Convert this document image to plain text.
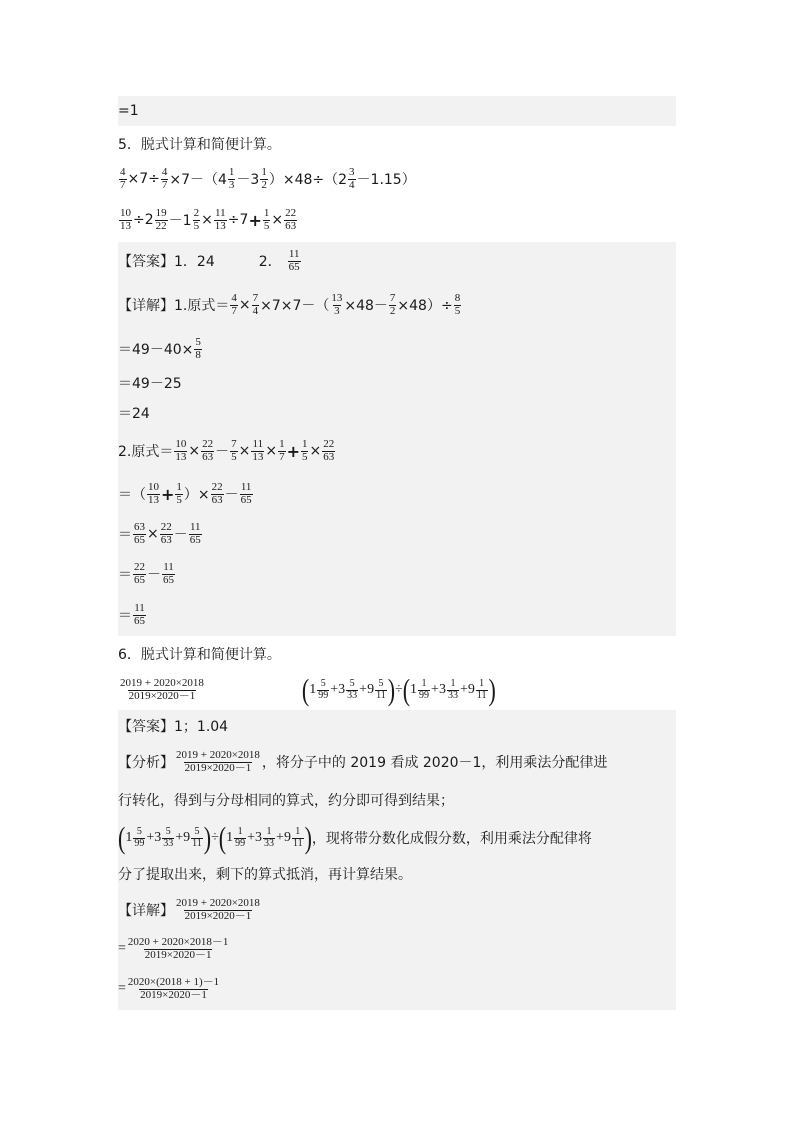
=1
5．脱式计算和简便计算。
$\frac{4}{7} \times 7\div \frac{4}{7} \times 7-(4 \frac{1}{3} -3 \frac{1}{2} )\times 48\div(2 \frac{3}{4} -1.15)$
$\frac{10}{13} \div 2 \frac{19}{22} -1 \frac{2}{5} \times \frac{11}{13} \div 7 + \frac{1}{5} \times \frac{22}{63}$
【答案】1．24	2． $\frac{11}{65}$
【详解】1.原式＝ $\frac{4}{7} \times \frac{7}{4} \times 7\times 7-( \frac{13}{3} \times 48- \frac{7}{2} \times 48)\div \frac{8}{5}$
$=49-40\times \frac{5}{8}$
＝49－25
＝24
2.原式＝ $\frac{10}{13} \times \frac{22}{63} - \frac{7}{5} \times \frac{11}{13} \times \frac{1}{7} + \frac{1}{5} \times \frac{22}{63}$
＝（ $\frac{10}{13} + \frac{1}{5}$ ）× $\frac{22}{63} - \frac{11}{65}$
＝ $\frac{63}{65} \times \frac{22}{63} - \frac{11}{65}$
＝ $\frac{22}{65} - \frac{11}{65}$
＝ $\frac{11}{65}$
6．脱式计算和简便计算。
$\frac{2019 + 2020\times 2018}{2019\times 2020-1}$	( $1 \frac{5}{99} + 3 \frac{5}{33} + 9 \frac{5}{11}$ ) ÷ ( $1 \frac{1}{99} + 3 \frac{1}{33} + 9 \frac{1}{11}$ )
【答案】1；1.04
【分析】 $\frac{2019 + 2020\times 2018}{2019\times 2020-1}$ ，将分子中的 2019 看成 2020－1，利用乘法分配律进
行转化，得到与分母相同的算式，约分即可得到结果；
( $1 \frac{5}{99} + 3 \frac{5}{33} + 9 \frac{5}{11}$ ) ÷ ( $1 \frac{1}{99} + 3 \frac{1}{33} + 9 \frac{1}{11}$ ) ，现将带分数化成假分数，利用乘法分配律将
分了提取出来，剩下的算式抵消，再计算结果。
【详解】 $\frac{2019 + 2020\times 2018}{2019\times 2020-1}$
= $\frac{2020 + 2020\times 2018-1}{2019\times 2020-1}$
= $\frac{2020\times(2018 + 1)-1}{2019\times 2020-1}$
